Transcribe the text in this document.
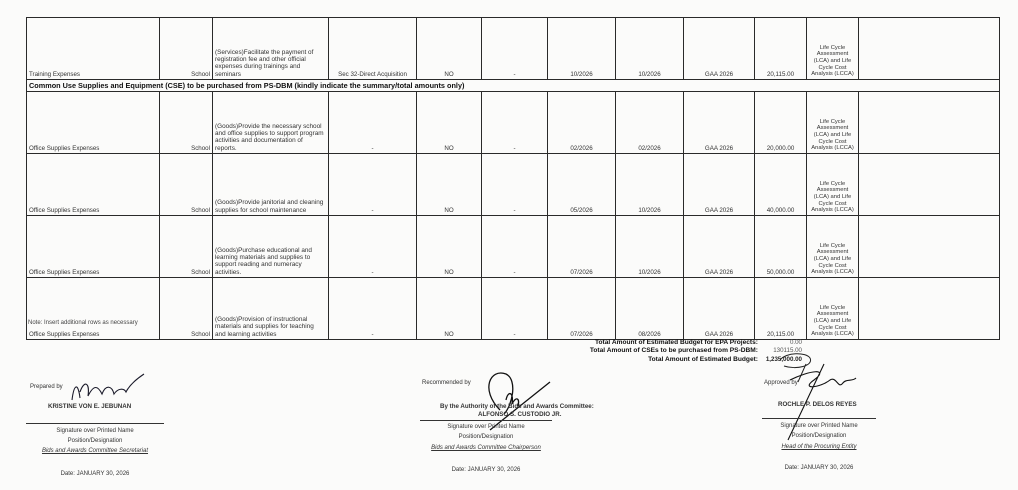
Training Expenses	School	(Services)Facilitate the payment of registration fee and other official expenses during trainings and seminars	Sec 32-Direct Acquisition	NO	-	10/2026	10/2026	GAA 2026	20,115.00	Life Cycle Assessment (LCA) and Life Cycle Cost Analysis (LCCA)	
Common Use Supplies and Equipment (CSE) to be purchased from PS-DBM (kindly indicate the summary/total amounts only)											
Office Supplies Expenses	School	(Goods)Provide the necessary school and office supplies to support program activities and documentation of reports.	-	NO	-	02/2026	02/2026	GAA 2026	20,000.00	Life Cycle Assessment (LCA) and Life Cycle Cost Analysis (LCCA)	
Office Supplies Expenses	School	(Goods)Provide janitorial and cleaning supplies for school maintenance	-	NO	-	05/2026	10/2026	GAA 2026	40,000.00	Life Cycle Assessment (LCA) and Life Cycle Cost Analysis (LCCA)	
Office Supplies Expenses	School	(Goods)Purchase educational and learning materials and supplies to support reading and numeracy activities.	-	NO	-	07/2026	10/2026	GAA 2026	50,000.00	Life Cycle Assessment (LCA) and Life Cycle Cost Analysis (LCCA)	
Office Supplies Expenses	School	(Goods)Provision of instructional materials and supplies for teaching and learning activities	-	NO	-	07/2026	08/2026	GAA 2026	20,115.00	Life Cycle Assessment (LCA) and Life Cycle Cost Analysis (LCCA)	
Note: Insert additional rows as necessary
Total Amount of Estimated Budget for EPA Projects:	0.00
Total Amount of CSEs to be purchased from PS-DBM:	130115.00
Total Amount of Estimated Budget:	1,235,000.00
Prepared by
KRISTINE VON E. JEBUNAN
Signature over Printed Name
Position/Designation
Bids and Awards Committee Secretariat
Date: JANUARY 30, 2026
Recommended by
By the Authority of the Bids and Awards Committee:
ALFONSO S. CUSTODIO JR.
Signature over Printed Name
Position/Designation
Bids and Awards Committee Chairperson
Date: JANUARY 30, 2026
Approved by
ROCHLE P. DELOS REYES
Signature over Printed Name
Position/Designation
Head of the Procuring Entity
Date: JANUARY 30, 2026
